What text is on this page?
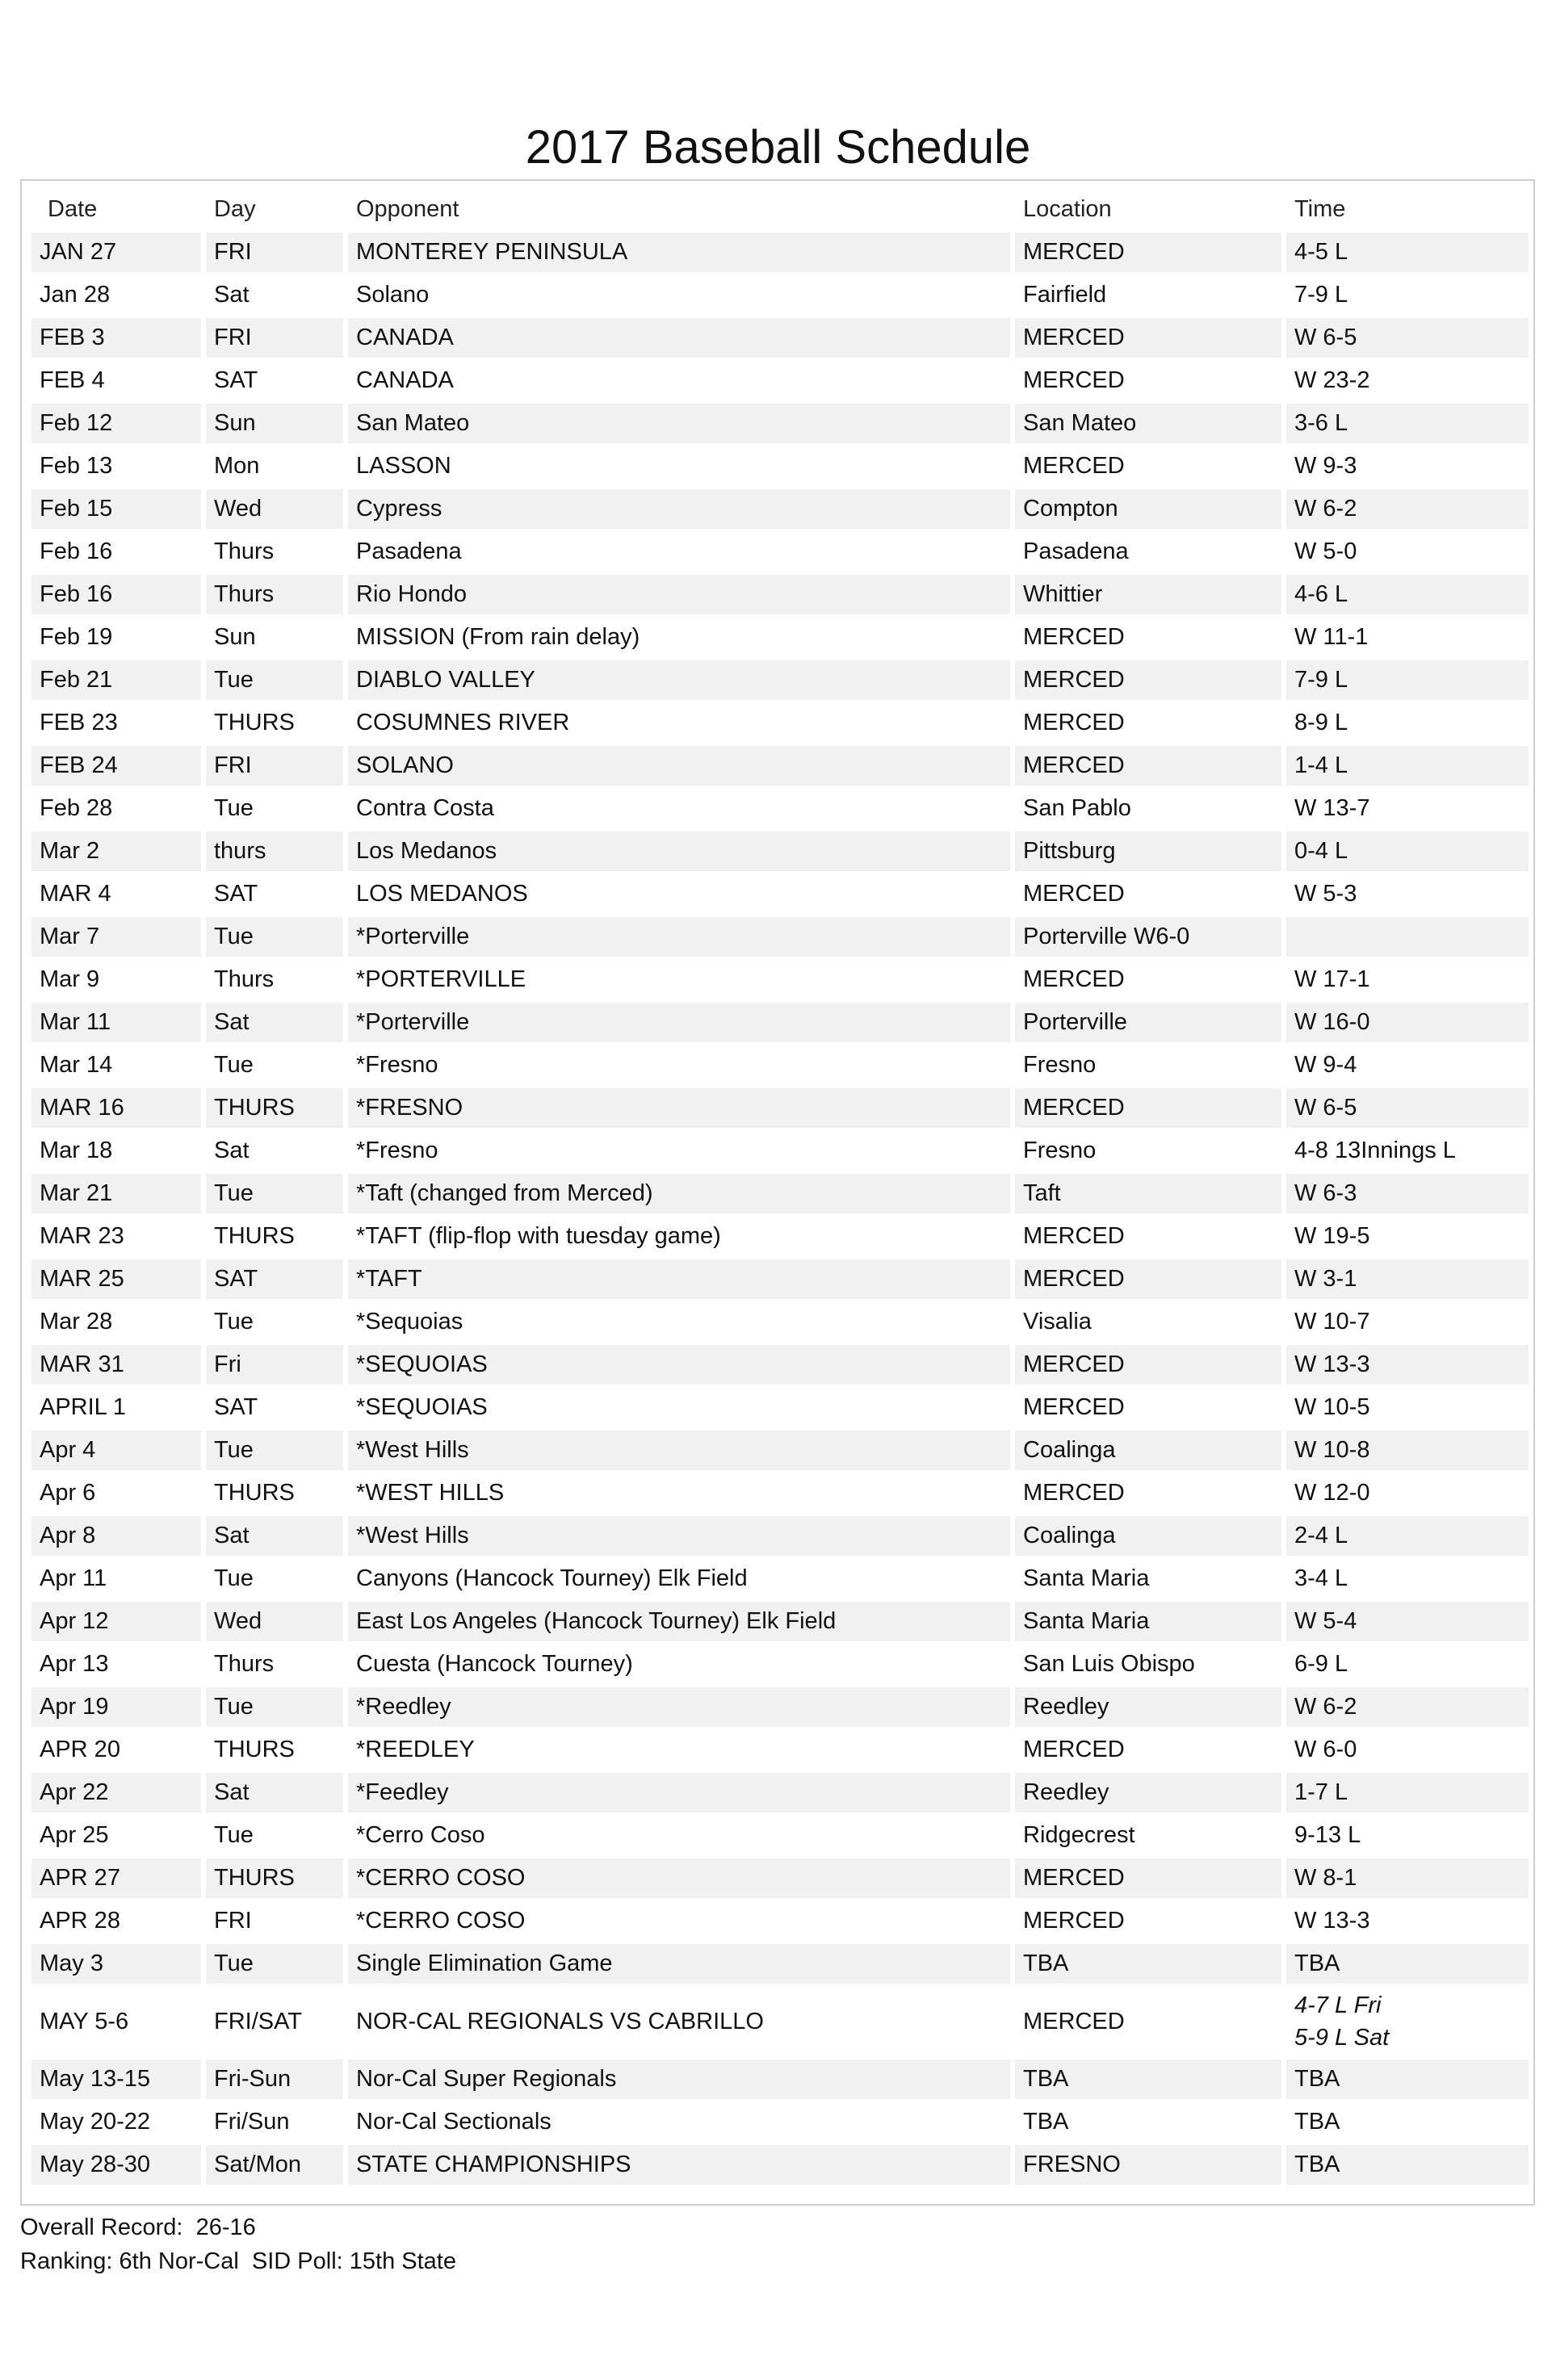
2017 Baseball Schedule
Date	Day	Opponent	Location	Time
JAN 27	FRI	MONTEREY PENINSULA	MERCED	4-5 L
Jan 28	Sat	Solano	Fairfield	7-9 L
FEB 3	FRI	CANADA	MERCED	W 6-5
FEB 4	SAT	CANADA	MERCED	W 23-2
Feb 12	Sun	San Mateo	San Mateo	3-6 L
Feb 13	Mon	LASSON	MERCED	W 9-3
Feb 15	Wed	Cypress	Compton	W 6-2
Feb 16	Thurs	Pasadena	Pasadena	W 5-0
Feb 16	Thurs	Rio Hondo	Whittier	4-6 L
Feb 19	Sun	MISSION (From rain delay)	MERCED	W 11-1
Feb 21	Tue	DIABLO VALLEY	MERCED	7-9 L
FEB 23	THURS	COSUMNES RIVER	MERCED	8-9 L
FEB 24	FRI	SOLANO	MERCED	1-4 L
Feb 28	Tue	Contra Costa	San Pablo	W 13-7
Mar 2	thurs	Los Medanos	Pittsburg	0-4 L
MAR 4	SAT	LOS MEDANOS	MERCED	W 5-3
Mar 7	Tue	*Porterville	Porterville W6-0	
Mar 9	Thurs	*PORTERVILLE	MERCED	W 17-1
Mar 11	Sat	*Porterville	Porterville	W 16-0
Mar 14	Tue	*Fresno	Fresno	W 9-4
MAR 16	THURS	*FRESNO	MERCED	W 6-5
Mar 18	Sat	*Fresno	Fresno	4-8 13Innings L
Mar 21	Tue	*Taft (changed from Merced)	Taft	W 6-3
MAR 23	THURS	*TAFT (flip-flop with tuesday game)	MERCED	W 19-5
MAR 25	SAT	*TAFT	MERCED	W 3-1
Mar 28	Tue	*Sequoias	Visalia	W 10-7
MAR 31	Fri	*SEQUOIAS	MERCED	W 13-3
APRIL 1	SAT	*SEQUOIAS	MERCED	W 10-5
Apr 4	Tue	*West Hills	Coalinga	W 10-8
Apr 6	THURS	*WEST HILLS	MERCED	W 12-0
Apr 8	Sat	*West Hills	Coalinga	2-4 L
Apr 11	Tue	Canyons (Hancock Tourney) Elk Field	Santa Maria	3-4 L
Apr 12	Wed	East Los Angeles (Hancock Tourney) Elk Field	Santa Maria	W 5-4
Apr 13	Thurs	Cuesta (Hancock Tourney)	San Luis Obispo	6-9 L
Apr 19	Tue	*Reedley	Reedley	W 6-2
APR 20	THURS	*REEDLEY	MERCED	W 6-0
Apr 22	Sat	*Feedley	Reedley	1-7 L
Apr 25	Tue	*Cerro Coso	Ridgecrest	9-13 L
APR 27	THURS	*CERRO COSO	MERCED	W 8-1
APR 28	FRI	*CERRO COSO	MERCED	W 13-3
May 3	Tue	Single Elimination Game	TBA	TBA
MAY 5-6	FRI/SAT	NOR-CAL REGIONALS VS CABRILLO	MERCED	4-7 L Fri
5-9 L Sat

May 13-15	Fri-Sun	Nor-Cal Super Regionals	TBA	TBA
May 20-22	Fri/Sun	Nor-Cal Sectionals	TBA	TBA
May 28-30	Sat/Mon	STATE CHAMPIONSHIPS	FRESNO	TBA
Overall Record:  26-16
Ranking: 6th Nor-Cal  SID Poll: 15th State
